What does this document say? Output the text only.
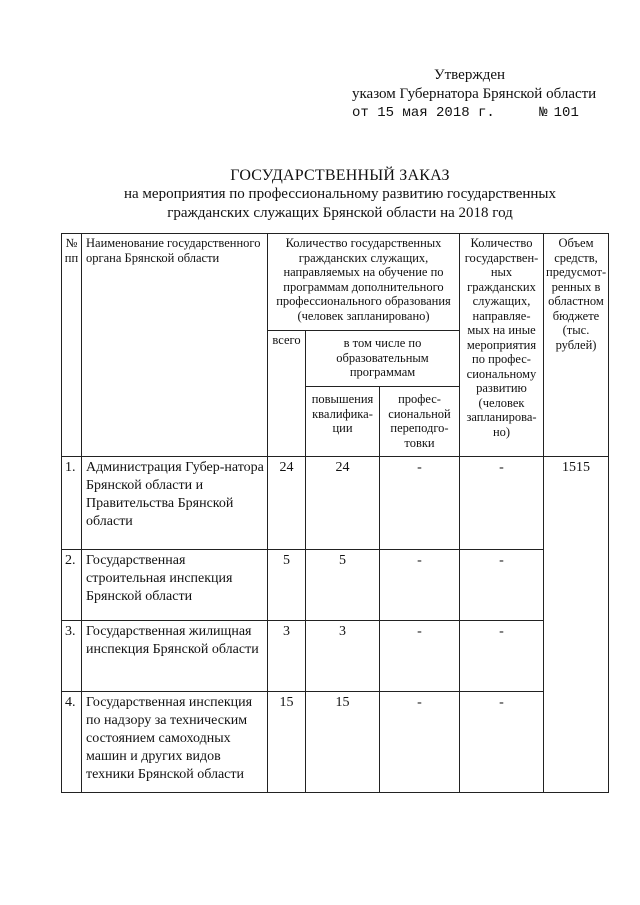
Утвержден
указом Губернатора Брянской области
от 15 мая 2018 г.	№ 101
ГОСУДАРСТВЕННЫЙ ЗАКАЗ
на мероприятия по профессиональному развитию государственных
гражданских служащих Брянской области на 2018 год
№ пп	Наименование государственного органа Брянской области	Количество государственных гражданских служащих, направляемых на обучение по программам дополнительного профессионального образования (человек запланировано)			Количество государствен-ных гражданских служащих, направляе-мых на иные мероприятия по профес-сиональному развитию (человек запланирова-но)	Объем средств, предусмот-ренных в областном бюджете (тыс. рублей)
		всего	в том числе по образовательным программам			
			повышения квалифика-ции	профес-сиональной переподго-товки		
1.	Администрация Губер-натора Брянской области и Правительства Брянской области	24	24	-	-	1515
2.	Государственная строительная инспекция Брянской области	5	5	-	-	
3.	Государственная жилищная инспекция Брянской области	3	3	-	-	
4.	Государственная инспекция по надзору за техническим состоянием самоходных машин и других видов техники Брянской области	15	15	-	-	
